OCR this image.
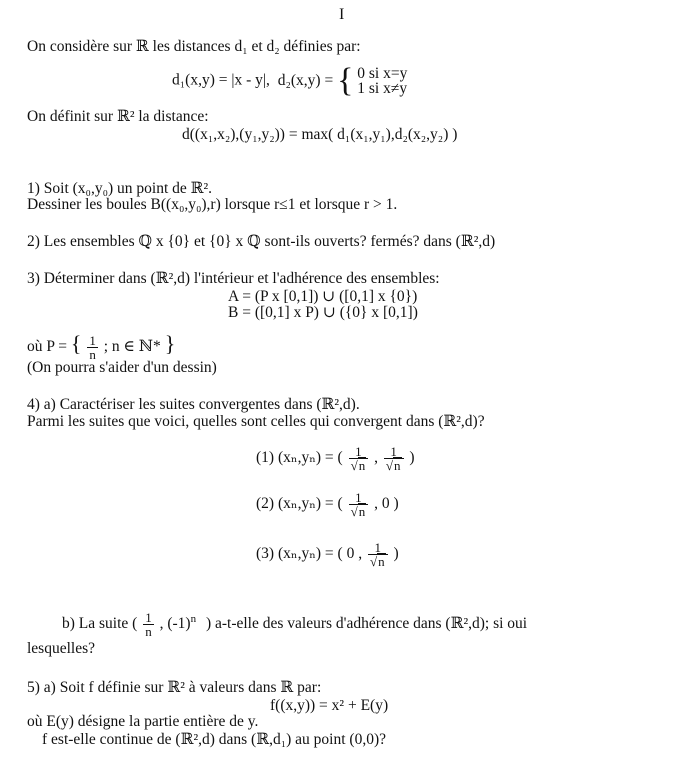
I
On considère sur ℝ les distances d₁ et d₂ définies par:
d₁(x,y) = |x - y|, d₂(x,y) = { 0 si x=y
1 si x≠y
On définit sur ℝ² la distance:
d((x₁,x₂),(y₁,y₂)) = max( d₁(x₁,y₁),d₂(x₂,y₂) )
1) Soit (x₀,y₀) un point de ℝ².
Dessiner les boules B((x₀,y₀),r) lorsque r≤1 et lorsque r > 1.
2) Les ensembles ℚ x {0} et {0} x ℚ sont-ils ouverts? fermés? dans (ℝ²,d)
3) Déterminer dans (ℝ²,d) l'intérieur et l'adhérence des ensembles:
A = (P x [0,1]) ∪ ([0,1] x {0})
B = ([0,1] x P) ∪ ({0} x [0,1])
où P = { $\frac{1}{n}$ ; n ∈ ℕ* }
(On pourra s'aider d'un dessin)
4) a) Caractériser les suites convergentes dans (ℝ²,d).
Parmi les suites que voici, quelles sont celles qui convergent dans (ℝ²,d)?
(1) (xₙ,yₙ) = ( $\frac{1}{√n}$ , $\frac{1}{√n}$ )
(2) (xₙ,yₙ) = ( $\frac{1}{√n}$ , 0 )
(3) (xₙ,yₙ) = ( 0 , $\frac{1}{√n}$ )
b) La suite ( $\frac{1}{n}$ , $(-1)^n$ ) a-t-elle des valeurs d'adhérence dans (ℝ²,d); si oui
lesquelles?
5) a) Soit f définie sur ℝ² à valeurs dans ℝ par:
f((x,y)) = x² + E(y)
où E(y) désigne la partie entière de y.
f est-elle continue de (ℝ²,d) dans (ℝ,d₁) au point (0,0)?
